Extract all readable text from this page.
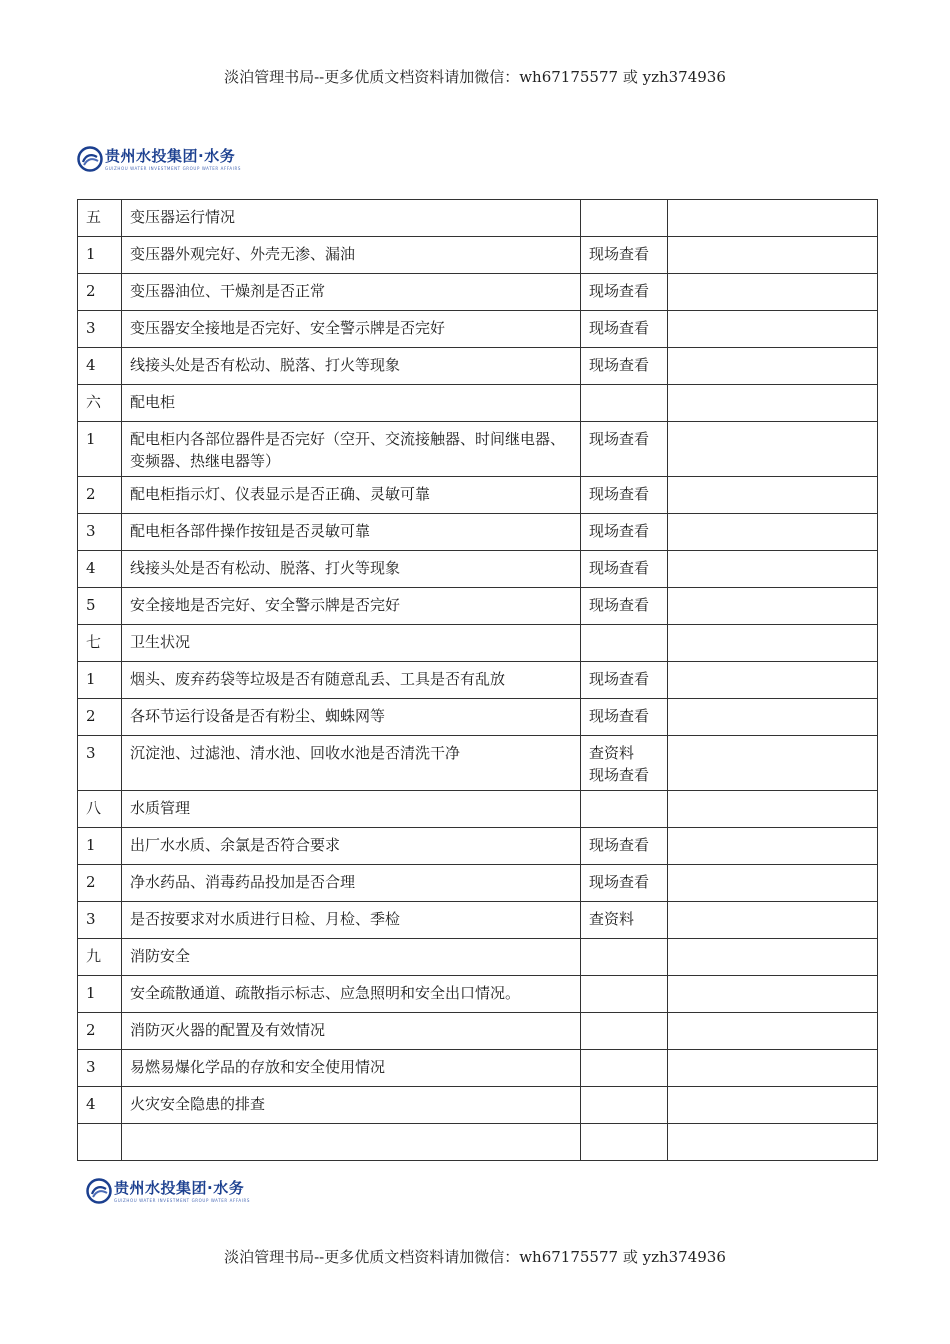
淡泊管理书局--更多优质文档资料请加微信：wh67175577 或 yzh374936
贵州水投集团·水务
GUIZHOU WATER INVESTMENT GROUP WATER AFFAIRS
五	变压器运行情况		
1	变压器外观完好、外壳无渗、漏油	现场查看	

2	变压器油位、干燥剂是否正常	现场查看	

3	变压器安全接地是否完好、安全警示牌是否完好	现场查看	

4	线接头处是否有松动、脱落、打火等现象	现场查看	

六	配电柜		
1	配电柜内各部位器件是否完好（空开、交流接触器、时间继电器、变频器、热继电器等）	现场查看	

2	配电柜指示灯、仪表显示是否正确、灵敏可靠	现场查看	

3	配电柜各部件操作按钮是否灵敏可靠	现场查看	

4	线接头处是否有松动、脱落、打火等现象	现场查看	

5	安全接地是否完好、安全警示牌是否完好	现场查看	

七	卫生状况		
1	烟头、废弃药袋等垃圾是否有随意乱丢、工具是否有乱放	现场查看	

2	各环节运行设备是否有粉尘、蜘蛛网等	现场查看	

3	沉淀池、过滤池、清水池、回收水池是否清洗干净	查资料
现场查看	

八	水质管理		
1	出厂水水质、余氯是否符合要求	现场查看	

2	净水药品、消毒药品投加是否合理	现场查看	

3	是否按要求对水质进行日检、月检、季检	查资料	

九	消防安全		
1	安全疏散通道、疏散指示标志、应急照明和安全出口情况。		
2	消防灭火器的配置及有效情况		
3	易燃易爆化学品的存放和安全使用情况		
4	火灾安全隐患的排查		

贵州水投集团·水务
GUIZHOU WATER INVESTMENT GROUP WATER AFFAIRS
淡泊管理书局--更多优质文档资料请加微信：wh67175577 或 yzh374936
